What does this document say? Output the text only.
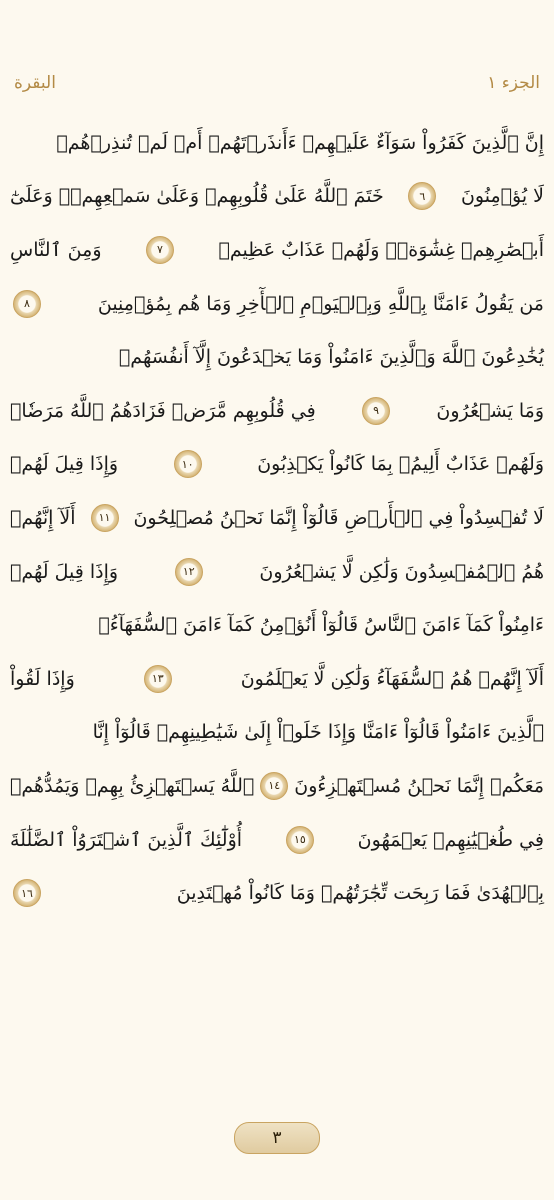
البقرة	الجزء ١
إِنَّ ٱلَّذِينَ كَفَرُواْ سَوَآءٌ عَلَيۡهِمۡ ءَأَنذَرۡتَهُمۡ أَمۡ لَمۡ تُنذِرۡهُمۡ
لَا يُؤۡمِنُونَ
٦
خَتَمَ ٱللَّهُ عَلَىٰ قُلُوبِهِمۡ وَعَلَىٰ سَمۡعِهِمۡۖ وَعَلَىٰٓ
أَبۡصَٰرِهِمۡ غِشَٰوَةٞۖ وَلَهُمۡ عَذَابٌ عَظِيمٞ
٧
وَمِنَ ٱلنَّاسِ
مَن يَقُولُ ءَامَنَّا بِٱللَّهِ وَبِٱلۡيَوۡمِ ٱلۡأٓخِرِ وَمَا هُم بِمُؤۡمِنِينَ
٨
يُخَٰدِعُونَ ٱللَّهَ وَٱلَّذِينَ ءَامَنُواْ وَمَا يَخۡدَعُونَ إِلَّآ أَنفُسَهُمۡ
وَمَا يَشۡعُرُونَ
٩
فِي قُلُوبِهِم مَّرَضٞ فَزَادَهُمُ ٱللَّهُ مَرَضٗاۖ
وَلَهُمۡ عَذَابٌ أَلِيمُۢ بِمَا كَانُواْ يَكۡذِبُونَ
١٠
وَإِذَا قِيلَ لَهُمۡ
لَا تُفۡسِدُواْ فِي ٱلۡأَرۡضِ قَالُوٓاْ إِنَّمَا نَحۡنُ مُصۡلِحُونَ
١١
أَلَآ إِنَّهُمۡ
هُمُ ٱلۡمُفۡسِدُونَ وَلَٰكِن لَّا يَشۡعُرُونَ
١٢
وَإِذَا قِيلَ لَهُمۡ
ءَامِنُواْ كَمَآ ءَامَنَ ٱلنَّاسُ قَالُوٓاْ أَنُؤۡمِنُ كَمَآ ءَامَنَ ٱلسُّفَهَآءُۗ
أَلَآ إِنَّهُمۡ هُمُ ٱلسُّفَهَآءُ وَلَٰكِن لَّا يَعۡلَمُونَ
١٣
وَإِذَا لَقُواْ
ٱلَّذِينَ ءَامَنُواْ قَالُوٓاْ ءَامَنَّا وَإِذَا خَلَوۡاْ إِلَىٰ شَيَٰطِينِهِمۡ قَالُوٓاْ إِنَّا
مَعَكُمۡ إِنَّمَا نَحۡنُ مُسۡتَهۡزِءُونَ
١٤
ٱللَّهُ يَسۡتَهۡزِئُ بِهِمۡ وَيَمُدُّهُمۡ
فِي طُغۡيَٰنِهِمۡ يَعۡمَهُونَ
١٥
أُوْلَٰٓئِكَ ٱلَّذِينَ ٱشۡتَرَوُاْ ٱلضَّلَٰلَةَ
بِٱلۡهُدَىٰ فَمَا رَبِحَت تِّجَٰرَتُهُمۡ وَمَا كَانُواْ مُهۡتَدِينَ
١٦
٣
